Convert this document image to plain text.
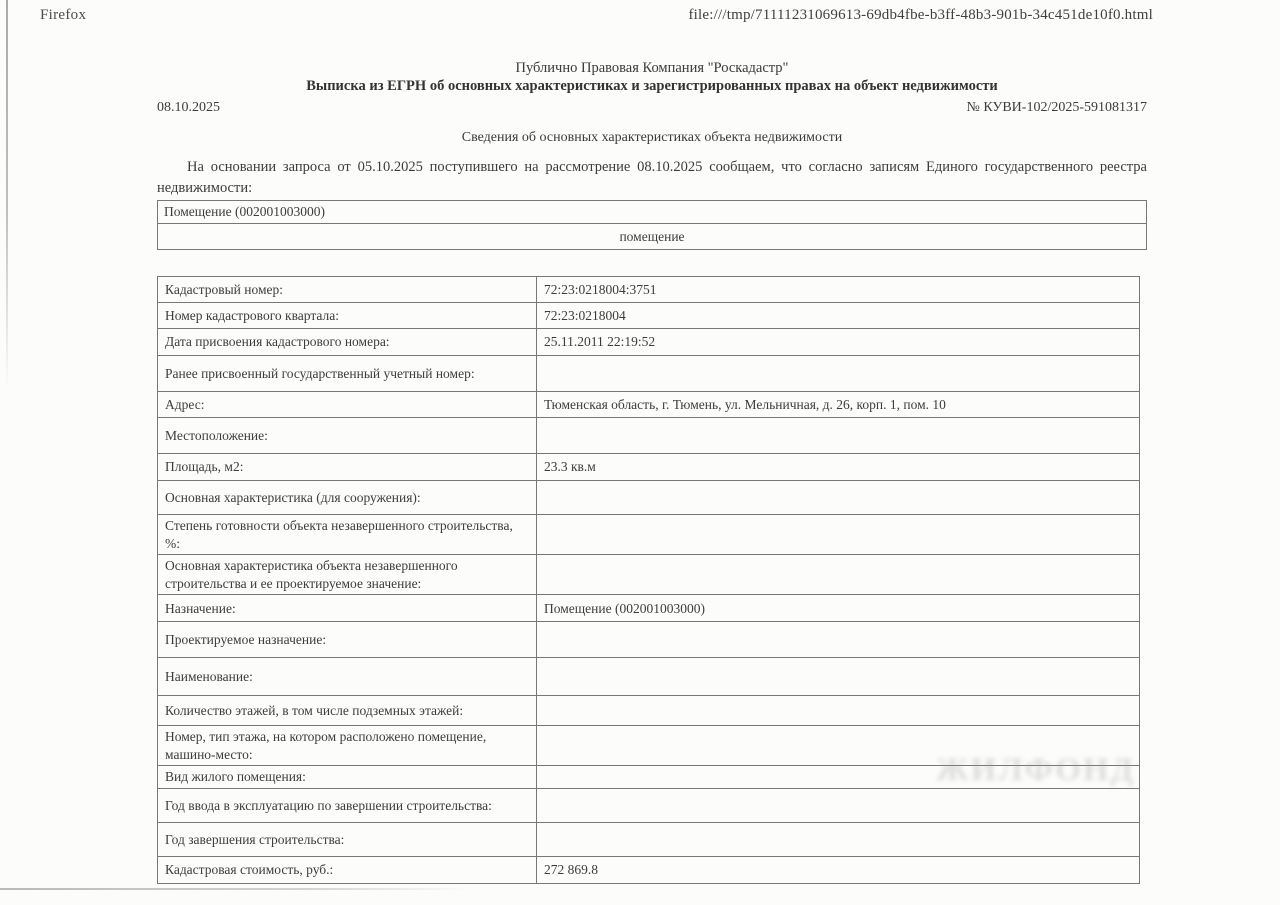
Firefox	file:///tmp/71111231069613-69db4fbe-b3ff-48b3-901b-34c451de10f0.html
Публично Правовая Компания "Роскадастр"
Выписка из ЕГРН об основных характеристиках и зарегистрированных правах на объект недвижимости
08.10.2025	№ КУВИ-102/2025-591081317
Сведения об основных характеристиках объекта недвижимости

На основании запроса от 05.10.2025 поступившего на рассмотрение 08.10.2025 сообщаем, что согласно записям Единого государственного реестра недвижимости:

Помещение (002001003000)
помещение
Кадастровый номер:	72:23:0218004:3751
Номер кадастрового квартала:	72:23:0218004
Дата присвоения кадастрового номера:	25.11.2011 22:19:52
Ранее присвоенный государственный учетный номер:	
Адрес:	Тюменская область, г. Тюмень, ул. Мельничная, д. 26, корп. 1, пом. 10
Местоположение:	
Площадь, м2:	23.3 кв.м
Основная характеристика (для сооружения):	
Степень готовности объекта незавершенного строительства, %:	
Основная характеристика объекта незавершенного строительства и ее проектируемое значение:	
Назначение:	Помещение (002001003000)
Проектируемое назначение:	
Наименование:	
Количество этажей, в том числе подземных этажей:	
Номер, тип этажа, на котором расположено помещение, машино-место:	
Вид жилого помещения:	
Год ввода в эксплуатацию по завершении строительства:	
Год завершения строительства:	
Кадастровая стоимость, руб.:	272 869.8
ЖИЛФОНД
